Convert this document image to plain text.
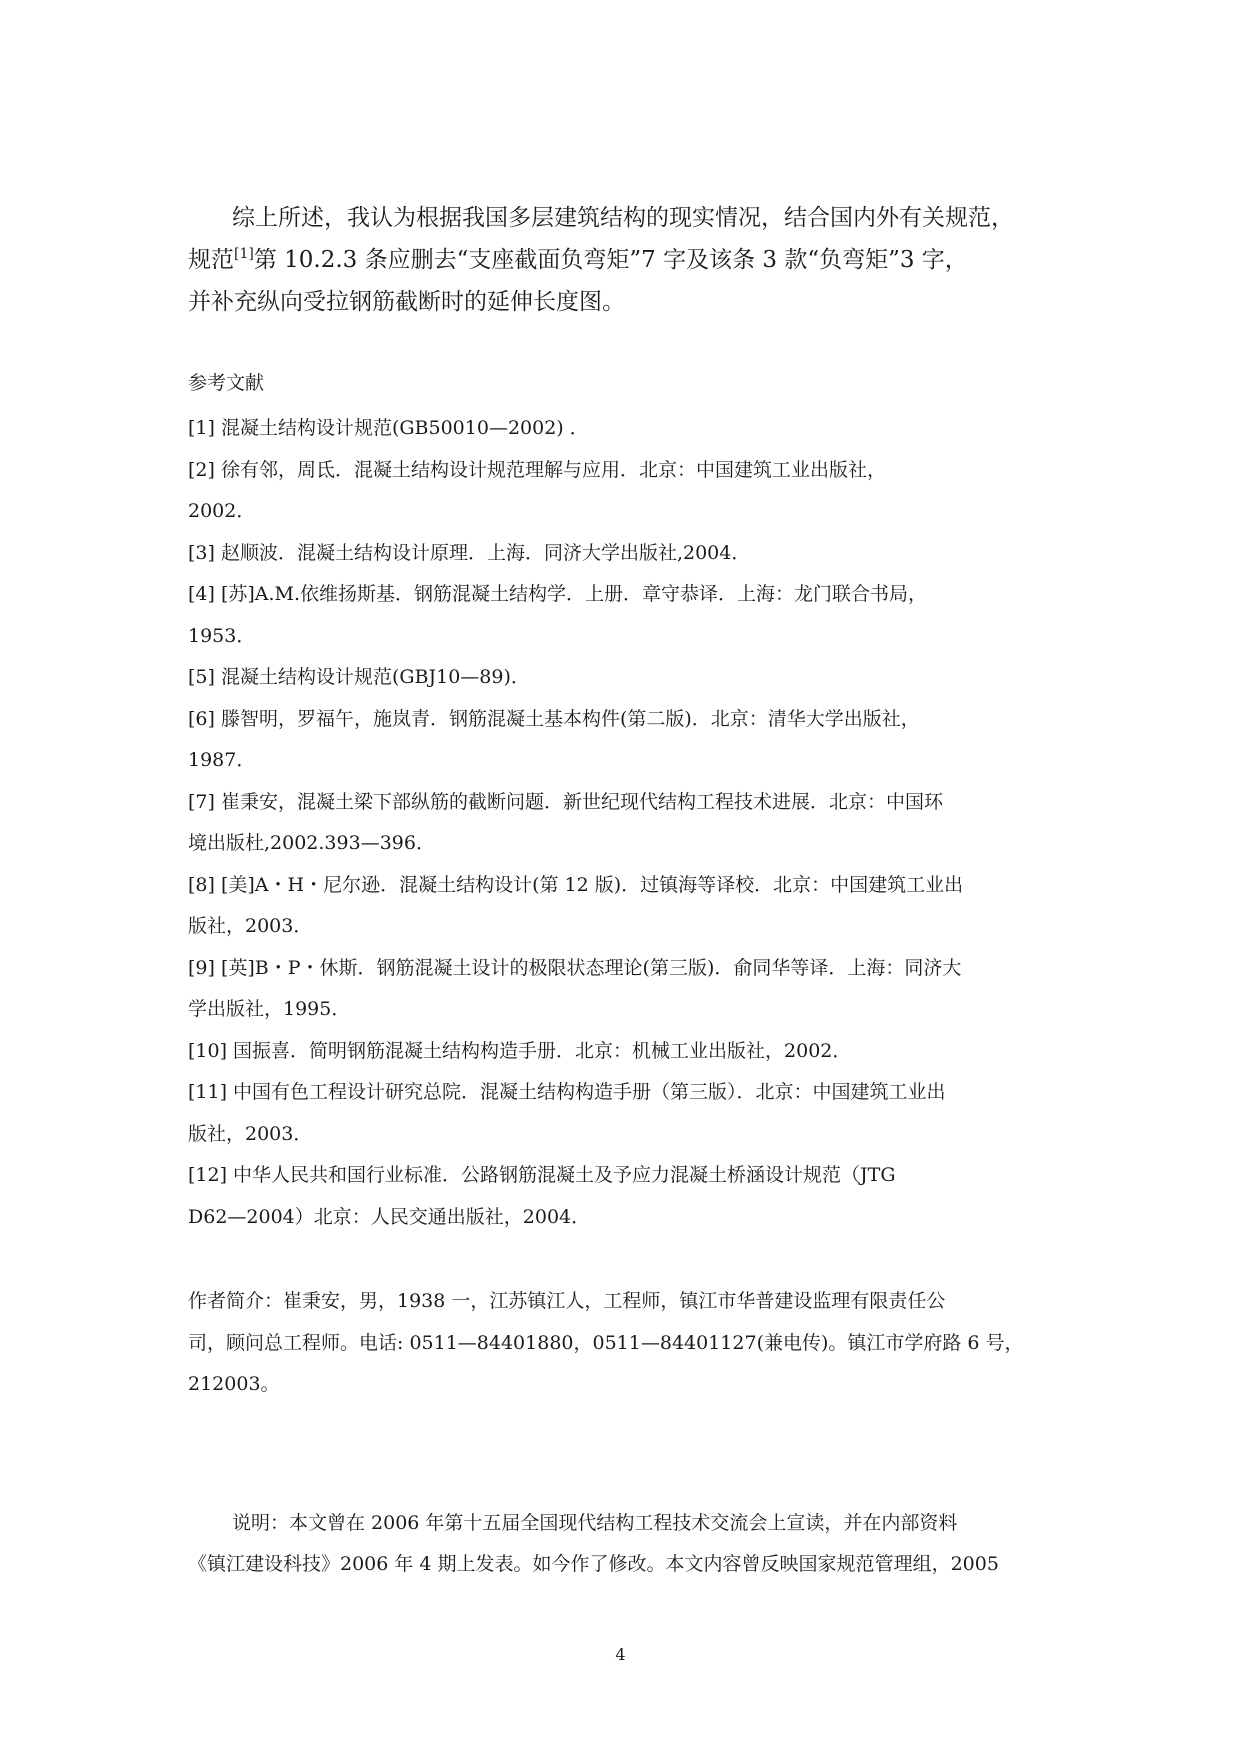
综上所述，我认为根据我国多层建筑结构的现实情况，结合国内外有关规范，
规范[1]第 10.2.3 条应删去“支座截面负弯矩”7 字及该条 3 款“负弯矩”3 字，
并补充纵向受拉钢筋截断时的延伸长度图。
参考文献
[1] 混凝土结构设计规范(GB50010—2002) ．
[2] 徐有邻，周氐．混凝土结构设计规范理解与应用．北京：中国建筑工业出版社，
2002．
[3] 赵顺波．混凝土结构设计原理．上海．同济大学出版社,2004．
[4] [苏]A.M.依维扬斯基．钢筋混凝土结构学．上册．章守恭译．上海：龙门联合书局，
1953．
[5] 混凝土结构设计规范(GBJ10—89)．
[6] 滕智明，罗福午，施岚青．钢筋混凝土基本构件(第二版)．北京：清华大学出版社，
1987．
[7] 崔秉安，混凝土梁下部纵筋的截断问题．新世纪现代结构工程技术进展．北京：中国环
境出版杜,2002.393—396．
[8] [美]A・H・尼尔逊．混凝土结构设计(第 12 版)．过镇海等译校．北京：中国建筑工业出
版社，2003．
[9] [英]B・P・休斯．钢筋混凝土设计的极限状态理论(第三版)．俞同华等译．上海：同济大
学出版社，1995．
[10] 国振喜．简明钢筋混凝土结构构造手册．北京：机械工业出版社，2002．
[11] 中国有色工程设计研究总院．混凝土结构构造手册（第三版）．北京：中国建筑工业出
版社，2003．
[12] 中华人民共和国行业标准．公路钢筋混凝土及予应力混凝土桥涵设计规范（JTG
D62—2004）北京：人民交通出版社，2004．
作者简介：崔秉安，男，1938 一，江苏镇江人，工程师，镇江市华普建设监理有限责任公
司，顾问总工程师。电话: 0511—84401880，0511—84401127(兼电传)。镇江市学府路 6 号，
212003。
说明：本文曾在 2006 年第十五届全国现代结构工程技术交流会上宣读，并在内部资料
《镇江建设科技》2006 年 4 期上发表。如今作了修改。本文内容曾反映国家规范管理组，2005
4
